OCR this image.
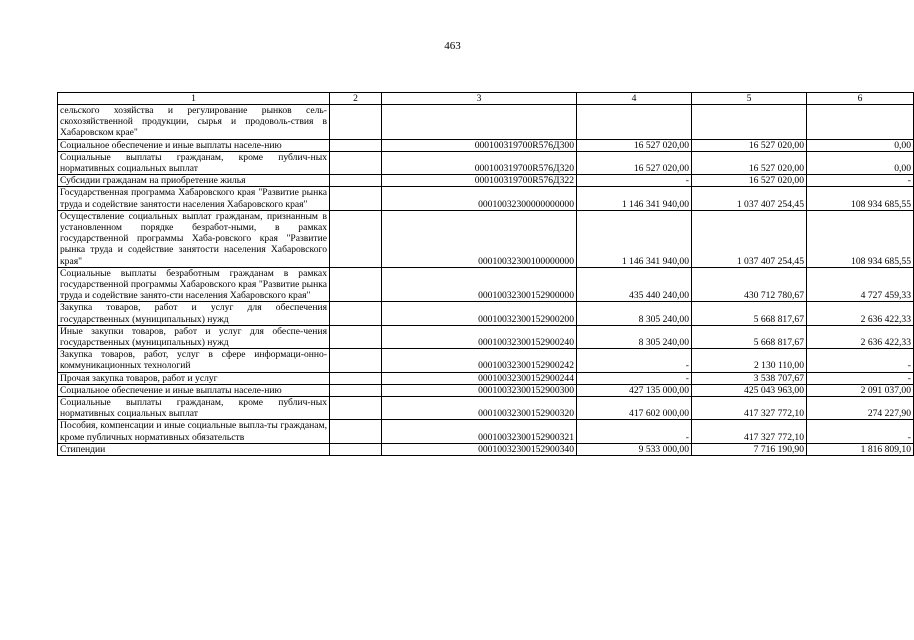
463
1	2	3	4	5	6
сельского хозяйства и регулирование рынков сель-скохозяйственной продукции, сырья и продоволь-ствия в Хабаровском крае"					
Социальное обеспечение и иные выплаты населе-нию		000100319700R576Д300	16 527 020,00	16 527 020,00	0,00
Социальные выплаты гражданам, кроме публич-ных нормативных социальных выплат		000100319700R576Д320	16 527 020,00	16 527 020,00	0,00
Субсидии гражданам на приобретение жилья		000100319700R576Д322	-	16 527 020,00	-
Государственная программа Хабаровского края "Развитие рынка труда и содействие занятости населения Хабаровского края"		00010032300000000000	1 146 341 940,00	1 037 407 254,45	108 934 685,55
Осуществление социальных выплат гражданам, признанным в установленном порядке безработ-ными, в рамках государственной программы Хаба-ровского края "Развитие рынка труда и содействие занятости населения Хабаровского края"		00010032300100000000	1 146 341 940,00	1 037 407 254,45	108 934 685,55
Социальные выплаты безработным гражданам в рамках государственной программы Хабаровского края "Развитие рынка труда и содействие занято-сти населения Хабаровского края"		00010032300152900000	435 440 240,00	430 712 780,67	4 727 459,33
Закупка товаров, работ и услуг для обеспечения государственных (муниципальных) нужд		00010032300152900200	8 305 240,00	5 668 817,67	2 636 422,33
Иные закупки товаров, работ и услуг для обеспе-чения государственных (муниципальных) нужд		00010032300152900240	8 305 240,00	5 668 817,67	2 636 422,33
Закупка товаров, работ, услуг в сфере информаци-онно-коммуникационных технологий		00010032300152900242	-	2 130 110,00	-
Прочая закупка товаров, работ и услуг		00010032300152900244	-	3 538 707,67	-
Социальное обеспечение и иные выплаты населе-нию		00010032300152900300	427 135 000,00	425 043 963,00	2 091 037,00
Социальные выплаты гражданам, кроме публич-ных нормативных социальных выплат		00010032300152900320	417 602 000,00	417 327 772,10	274 227,90
Пособия, компенсации и иные социальные выпла-ты гражданам, кроме публичных нормативных обязательств		00010032300152900321	-	417 327 772,10	-
Стипендии		00010032300152900340	9 533 000,00	7 716 190,90	1 816 809,10
